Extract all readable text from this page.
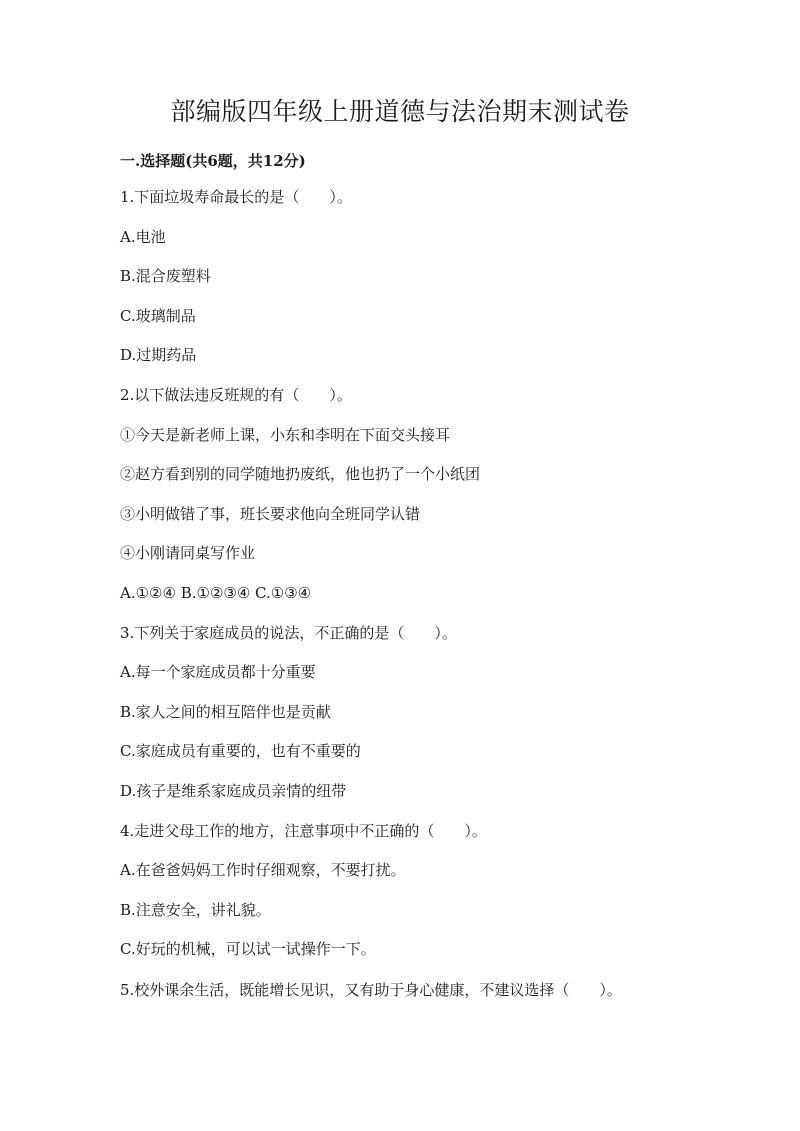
部编版四年级上册道德与法治期末测试卷
一.选择题(共6题，共12分)
1.下面垃圾寿命最长的是（　　）。
A.电池
B.混合废塑料
C.玻璃制品
D.过期药品
2.以下做法违反班规的有（　　）。
①今天是新老师上课，小东和李明在下面交头接耳
②赵方看到别的同学随地扔废纸，他也扔了一个小纸团
③小明做错了事，班长要求他向全班同学认错
④小刚请同桌写作业
A.①②④ B.①②③④ C.①③④
3.下列关于家庭成员的说法，不正确的是（　　）。
A.每一个家庭成员都十分重要
B.家人之间的相互陪伴也是贡献
C.家庭成员有重要的，也有不重要的
D.孩子是维系家庭成员亲情的纽带
4.走进父母工作的地方，注意事项中不正确的（　　）。
A.在爸爸妈妈工作时仔细观察，不要打扰。
B.注意安全，讲礼貌。
C.好玩的机械，可以试一试操作一下。
5.校外课余生活，既能增长见识，又有助于身心健康，不建议选择（　　）。
